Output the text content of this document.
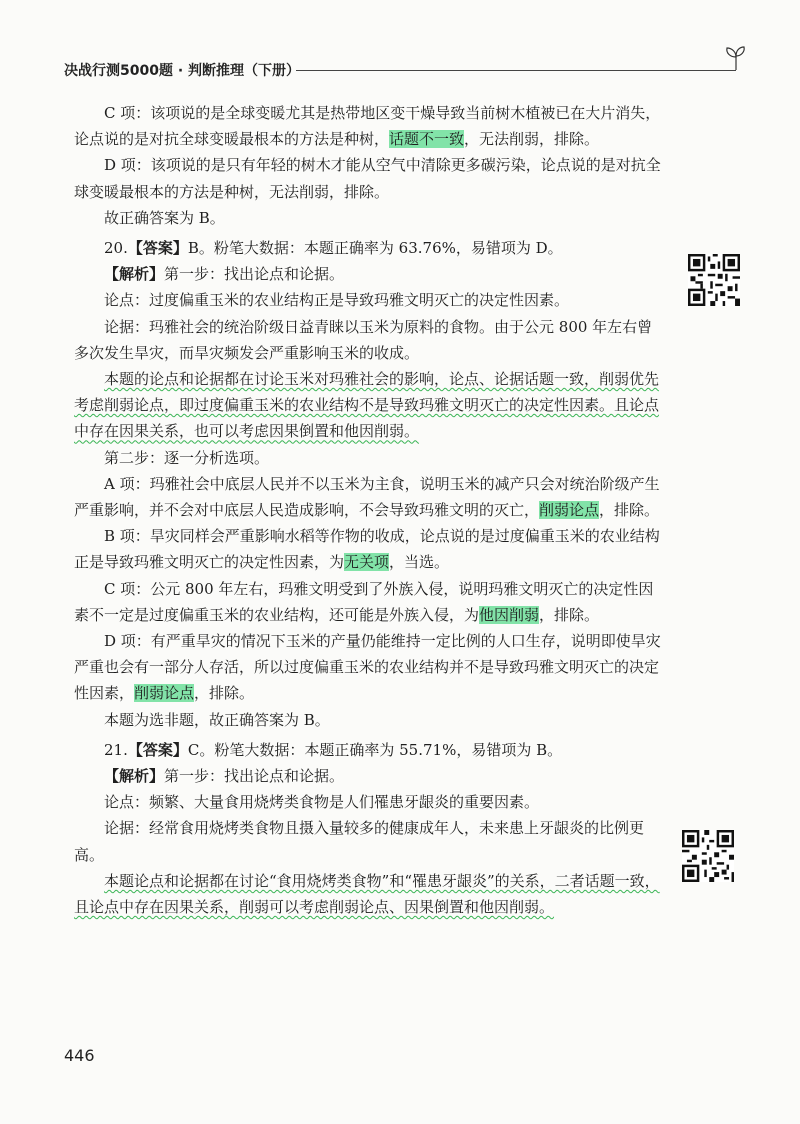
决战行测5000题 · 判断推理（下册）

C 项：该项说的是全球变暖尤其是热带地区变干燥导致当前树木植被已在大片消失，论点说的是对抗全球变暖最根本的方法是种树，话题不一致，无法削弱，排除。

D 项：该项说的是只有年轻的树木才能从空气中清除更多碳污染，论点说的是对抗全球变暖最根本的方法是种树，无法削弱，排除。

故正确答案为 B。

20.【答案】B。粉笔大数据：本题正确率为 63.76%，易错项为 D。

【解析】第一步：找出论点和论据。

论点：过度偏重玉米的农业结构正是导致玛雅文明灭亡的决定性因素。

论据：玛雅社会的统治阶级日益青睐以玉米为原料的食物。由于公元 800 年左右曾多次发生旱灾，而旱灾频发会严重影响玉米的收成。

本题的论点和论据都在讨论玉米对玛雅社会的影响，论点、论据话题一致，削弱优先考虑削弱论点，即过度偏重玉米的农业结构不是导致玛雅文明灭亡的决定性因素。且论点中存在因果关系，也可以考虑因果倒置和他因削弱。

第二步：逐一分析选项。

A 项：玛雅社会中底层人民并不以玉米为主食，说明玉米的减产只会对统治阶级产生严重影响，并不会对中底层人民造成影响，不会导致玛雅文明的灭亡，削弱论点，排除。

B 项：旱灾同样会严重影响水稻等作物的收成，论点说的是过度偏重玉米的农业结构正是导致玛雅文明灭亡的决定性因素，为无关项，当选。

C 项：公元 800 年左右，玛雅文明受到了外族入侵，说明玛雅文明灭亡的决定性因素不一定是过度偏重玉米的农业结构，还可能是外族入侵，为他因削弱，排除。

D 项：有严重旱灾的情况下玉米的产量仍能维持一定比例的人口生存，说明即使旱灾严重也会有一部分人存活，所以过度偏重玉米的农业结构并不是导致玛雅文明灭亡的决定性因素，削弱论点，排除。

本题为选非题，故正确答案为 B。

21.【答案】C。粉笔大数据：本题正确率为 55.71%，易错项为 B。

【解析】第一步：找出论点和论据。

论点：频繁、大量食用烧烤类食物是人们罹患牙龈炎的重要因素。

论据：经常食用烧烤类食物且摄入量较多的健康成年人，未来患上牙龈炎的比例更高。

本题论点和论据都在讨论“食用烧烤类食物”和“罹患牙龈炎”的关系，二者话题一致，且论点中存在因果关系，削弱可以考虑削弱论点、因果倒置和他因削弱。

446
